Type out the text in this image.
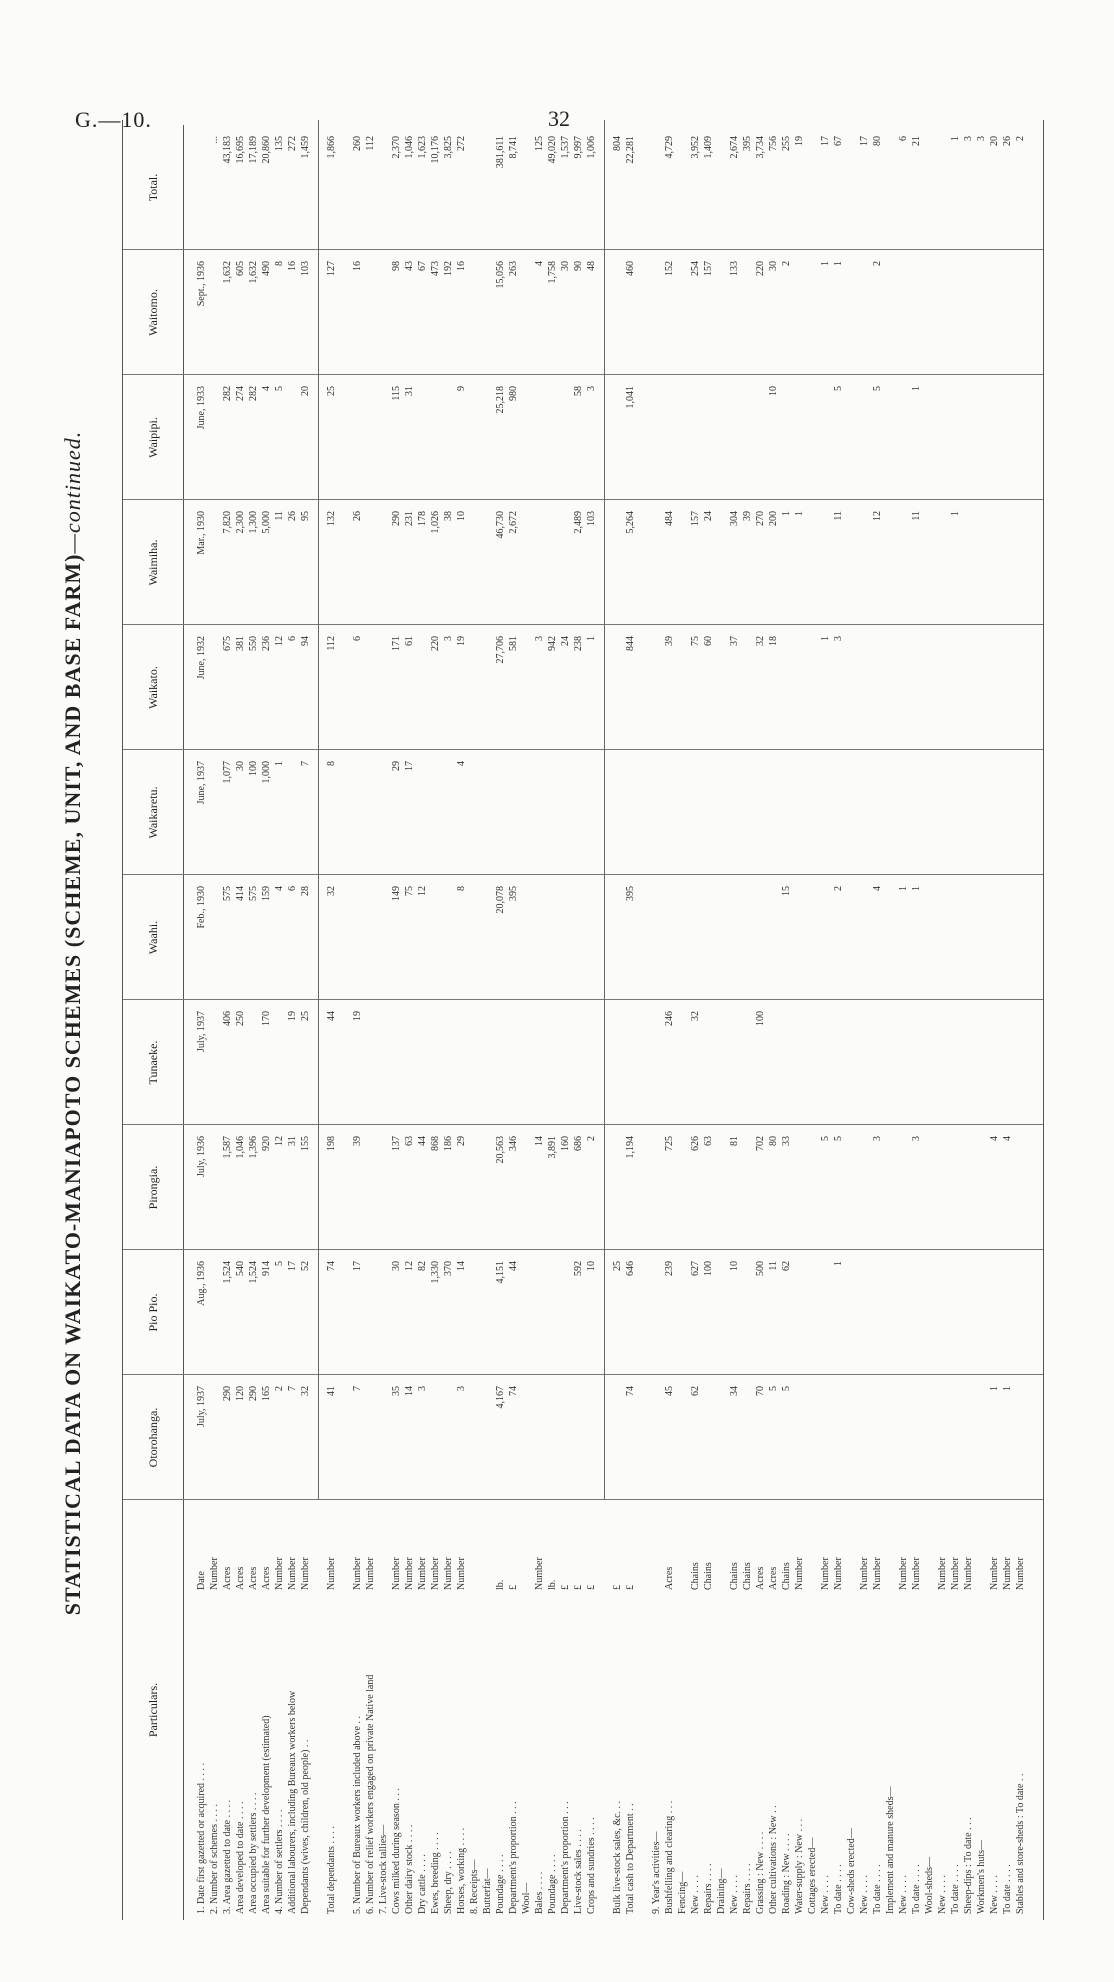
G.—10.	32
STATISTICAL DATA ON WAIKATO-MANIAPOTO SCHEMES (SCHEME, UNIT, AND BASE FARM)—continued.
Particulars.
Otorohanga.
Pio Pio.
Pirongia.
Tunaeke.
Waahi.
Waikaretu.
Waikato.
Waimiha.
Waipipi.
Waitomo.
Total.
1. Date first gazetted or acquired . . . .
Date
July, 1937
Aug., 1936
July, 1936
July, 1937
Feb., 1930
June, 1937
June, 1932
Mar., 1930
June, 1933
Sept., 1936
2. Number of schemes . . . .
Number
...
3. Area gazetted to date . . . .
Acres
290
1,524
1,587
406
575
1,077
675
7,820
282
1,632
43,183
Area developed to date . . . .
Acres
120
540
1,046
250
414
30
381
2,300
274
605
16,695
Area occupied by settlers . . . .
Acres
290
1,524
1,396
575
100
550
1,300
282
1,632
17,189
Area suitable for further development (estimated)
Acres
165
914
920
170
159
1,000
236
5,000
4
490
20,860
4. Number of settlers . . . .
Number
2
5
12
4
1
12
11
5
8
135
Additional labourers, including Bureaux workers below
Number
7
17
31
19
6
6
26
16
272
Dependants (wives, children, old people) . .
Number
32
52
155
25
28
7
94
95
20
103
1,459
Total dependants . . . .
Number
41
74
198
44
32
8
112
132
25
127
1,866
5. Number of Bureaux workers included above . .
Number
7
17
39
19
6
26
16
260
6. Number of relief workers engaged on private Native land
Number
112
7. Live-stock tallies— Cows milked during season . . .
Number
35
30
137
149
29
171
290
115
98
2,370
Other dairy stock . . . .
Number
14
12
63
75
17
61
231
31
43
1,046
Dry cattle . . . .
Number
3
82
44
12
178
67
1,623
Ewes, breeding . . . .
Number
1,330
868
220
1,026
473
10,176
Sheep, dry . . . .
Number
370
186
3
38
192
3,825
Horses, working . . . .
Number
3
14
29
8
4
19
10
9
16
272
8. Receipts— Butterfat— Poundage . . . .
lb.
4,167
4,151
20,563
20,078
27,706
46,730
25,218
15,056
381,611
Department's proportion . . .
£
74
44
346
395
581
2,672
980
263
8,741
Wool— Bales . . . .
Number
14
3
4
125
Poundage . . . .
lb.
3,891
942
1,758
49,020
Department's proportion . . .
£
160
24
30
1,537
Live-stock sales . . . .
£
592
686
238
2,489
58
90
9,997
Crops and sundries . . . .
£
10
2
1
103
3
48
1,006
Bulk live-stock sales, &c. . .
£
25
804
Total cash to Department . .
£
74
646
1,194
395
844
5,264
1,041
460
22,281
9. Year's activities— Bushfelling and clearing . . .
Acres
45
239
725
246
39
484
152
4,729
Fencing— New . . . .
Chains
62
627
626
32
75
157
254
3,952
Repairs . . . .
Chains
100
63
60
24
157
1,409
Draining— New . . . .
Chains
34
10
81
37
304
133
2,674
Repairs . . . .
Chains
39
395
Grassing : New . . . .
Acres
70
500
702
100
32
270
220
3,734
Other cultivations : New . .
Acres
5
11
80
18
200
10
30
756
Roading : New . . . .
Chains
5
62
33
15
1
2
255
Water-supply : New . . .
Number
1
19
Cottages erected— New . . . .
Number
5
1
1
17
To date . . . .
Number
1
5
2
3
11
5
1
67
Cow-sheds erected— New . . . .
Number
17
To date . . . .
Number
3
4
12
5
2
80
Implement and manure sheds— New . . . .
Number
1
6
To date . . . .
Number
3
1
11
1
21
Wool-sheds— New . . . .
Number
To date . . . .
Number
1
1
Sheep-dips : To date . . .
Number
3
Workmen's huts—
3
New . . . .
Number
1
4
20
To date . . . .
Number
1
4
26
Stables and store-sheds : To date . .
Number
2
